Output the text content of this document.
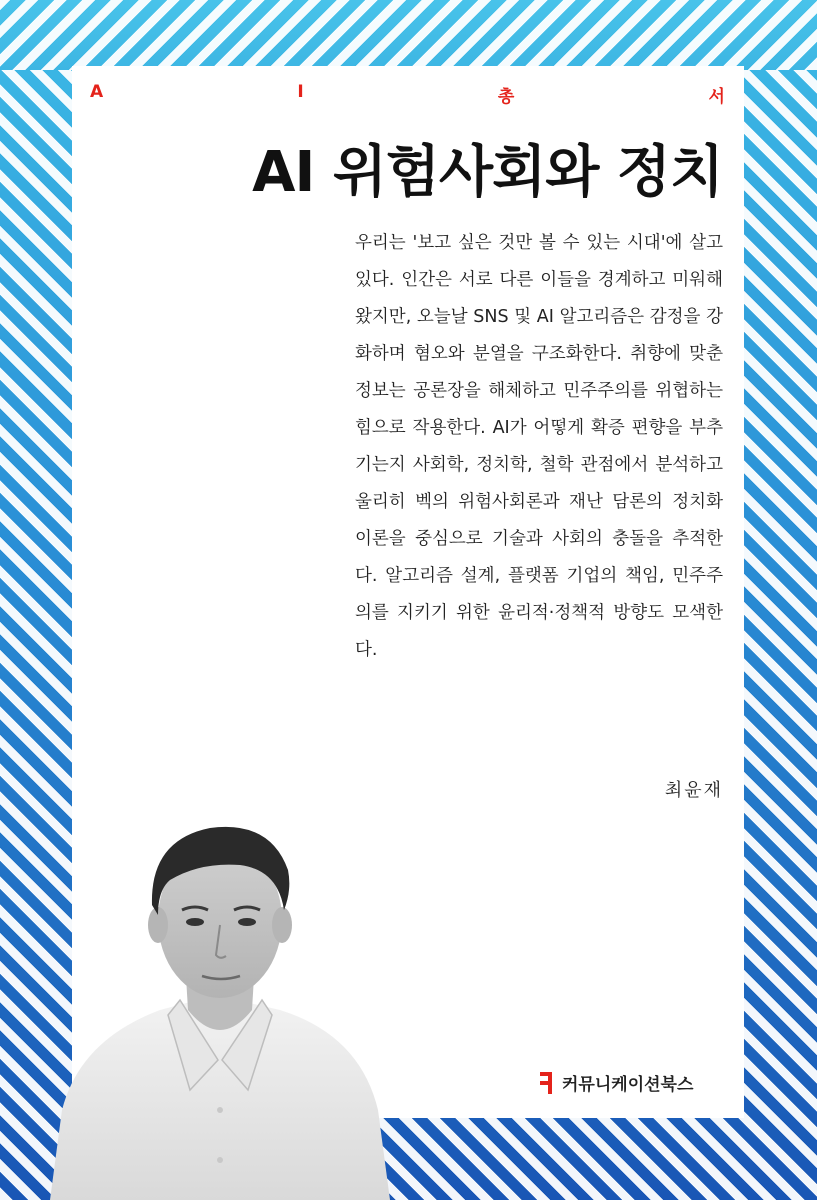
A	I	총	서
AI 위험사회와 정치
우리는 '보고 싶은 것만 볼 수 있는 시대'에 살고 있다. 인간은 서로 다른 이들을 경계하고 미워해 왔지만, 오늘날 SNS 및 AI 알고리즘은 감정을 강화하며 혐오와 분열을 구조화한다. 취향에 맞춘 정보는 공론장을 해체하고 민주주의를 위협하는 힘으로 작용한다. AI가 어떻게 확증 편향을 부추기는지 사회학, 정치학, 철학 관점에서 분석하고 울리히 벡의 위험사회론과 재난 담론의 정치화 이론을 중심으로 기술과 사회의 충돌을 추적한다. 알고리즘 설계, 플랫폼 기업의 책임, 민주주의를 지키기 위한 윤리적·정책적 방향도 모색한다.
최윤재
커뮤니케이션북스
